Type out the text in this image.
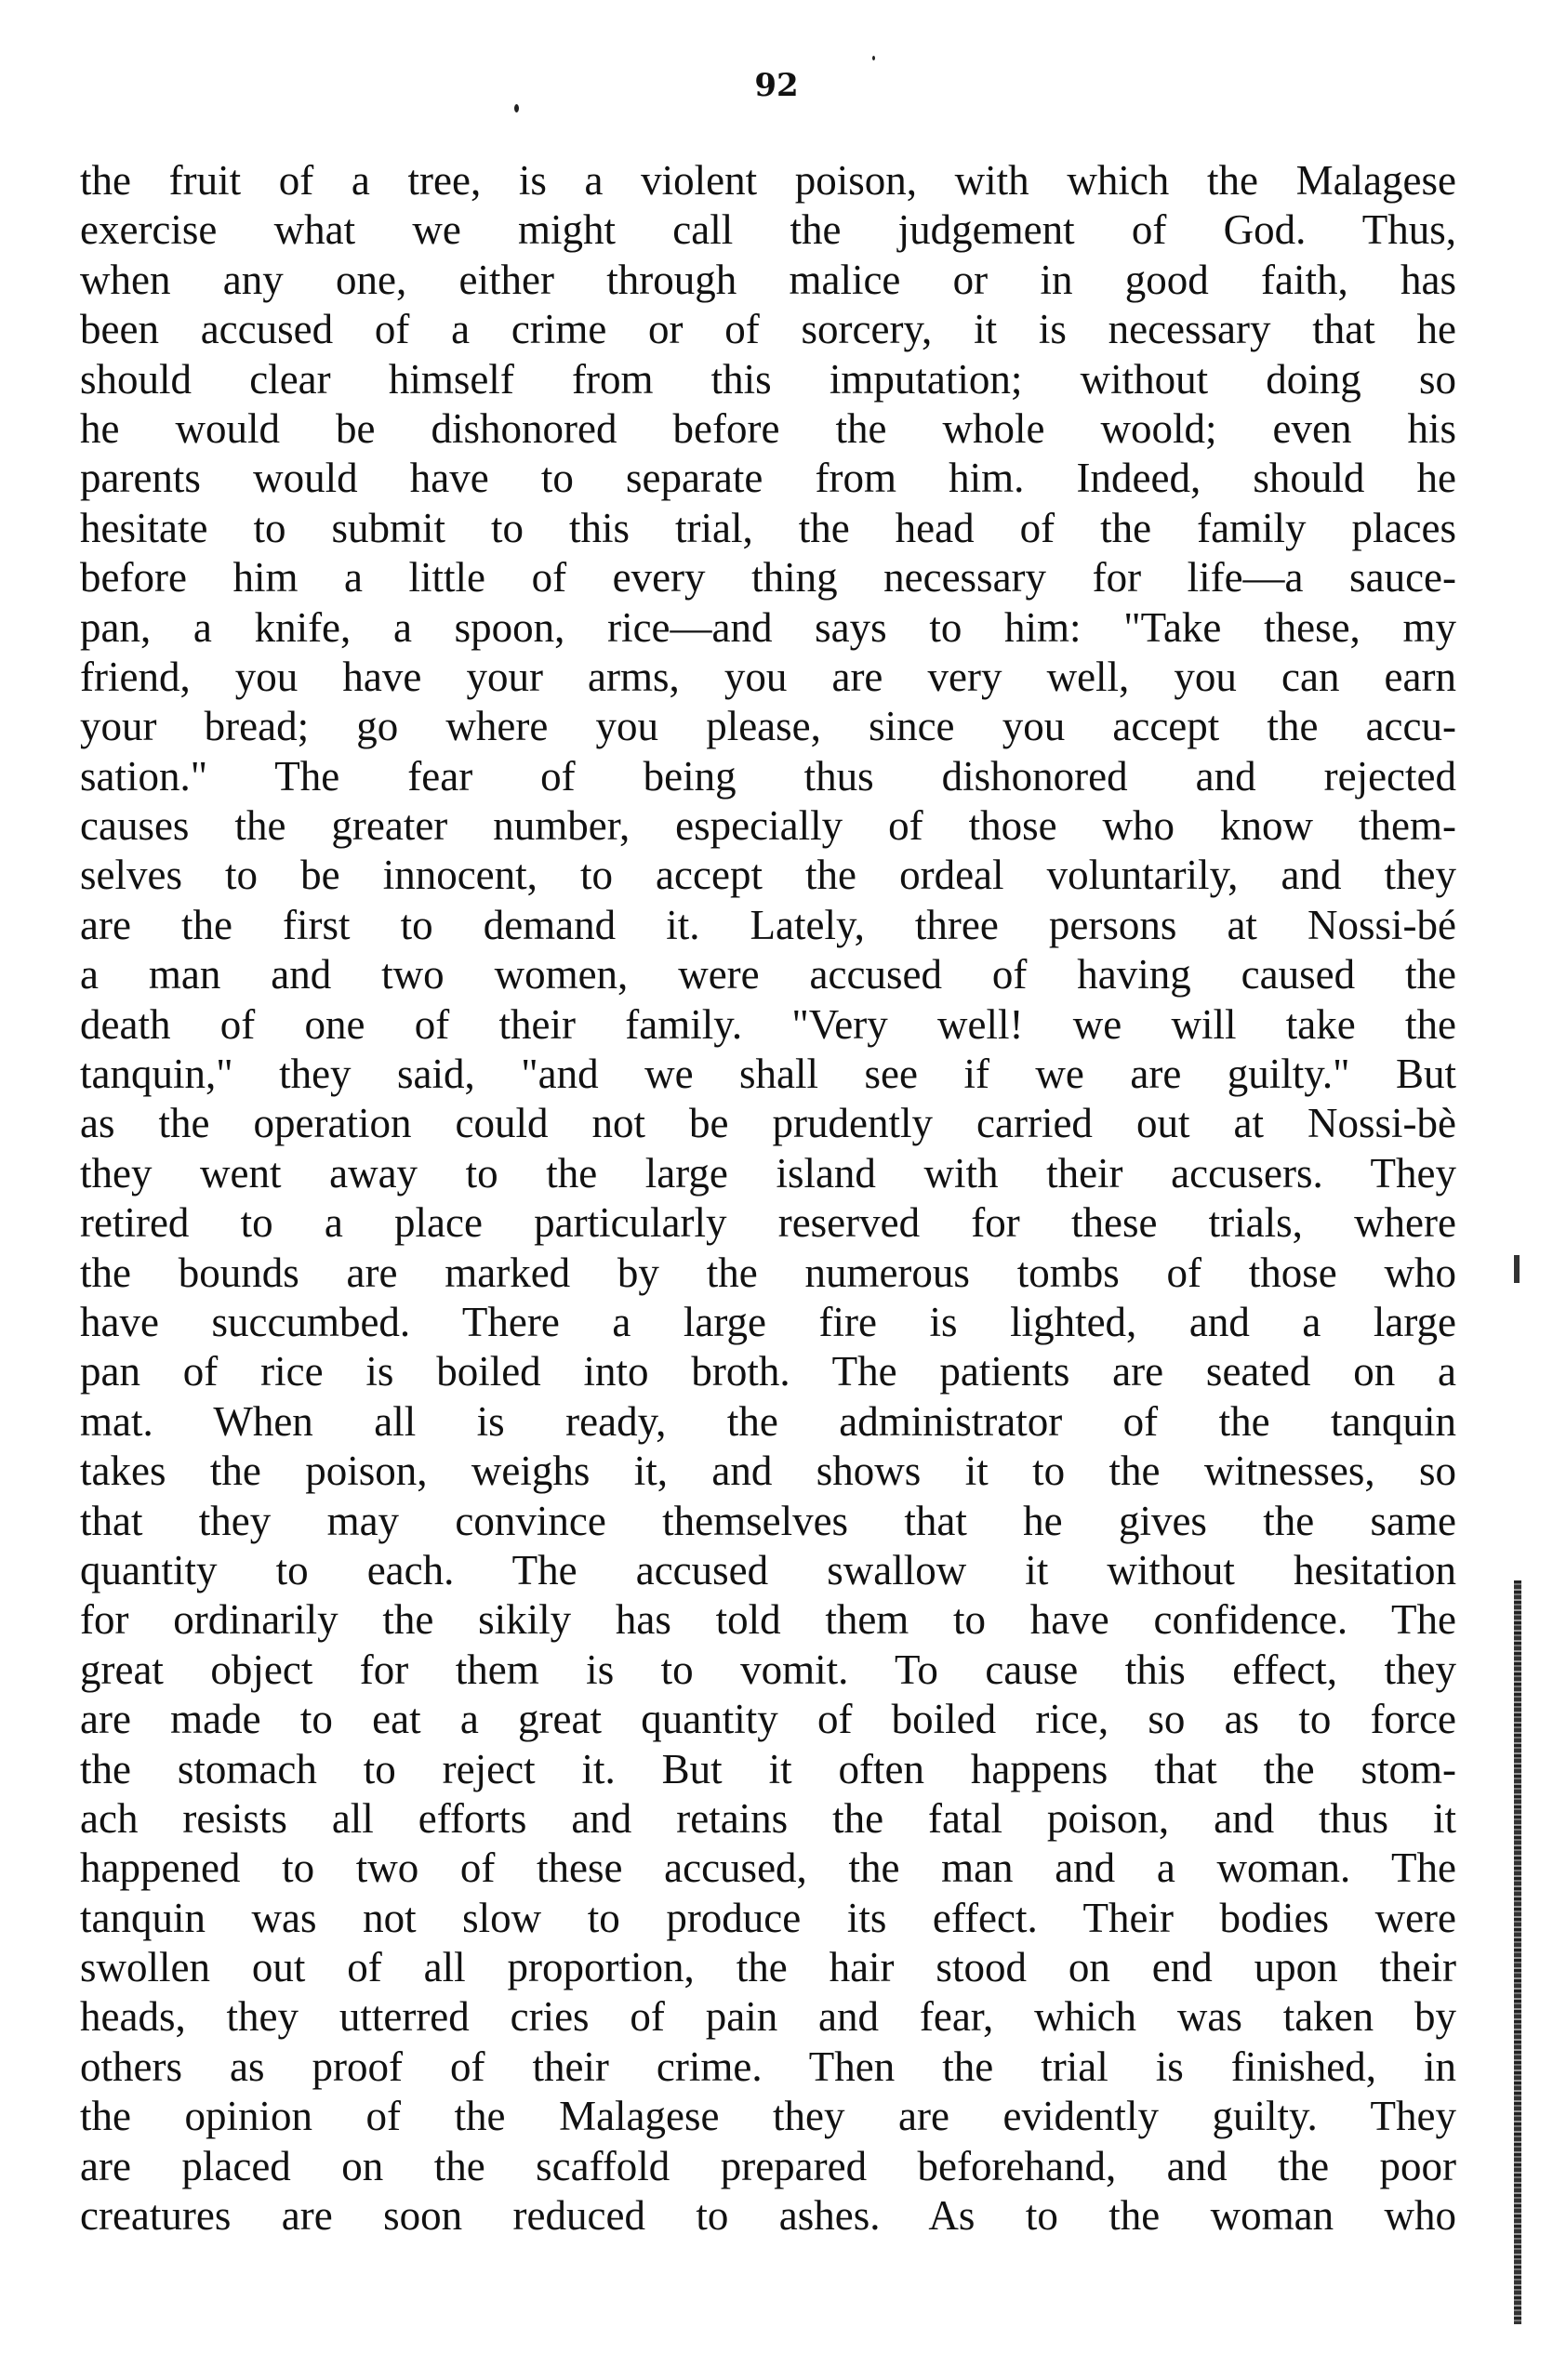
92
the fruit of a tree, is a violent poison, with which the Malagese
exercise what we might call the judgement of God. Thus,
when any one, either through malice or in good faith, has
been accused of a crime or of sorcery, it is necessary that he
should clear himself from this imputation; without doing so
he would be dishonored before the whole woold; even his
parents would have to separate from him. Indeed, should he
hesitate to submit to this trial, the head of the family places
before him a little of every thing necessary for life—a sauce-
pan, a knife, a spoon, rice—and says to him: "Take these, my
friend, you have your arms, you are very well, you can earn
your bread; go where you please, since you accept the accu-
sation." The fear of being thus dishonored and rejected
causes the greater number, especially of those who know them-
selves to be innocent, to accept the ordeal voluntarily, and they
are the first to demand it. Lately, three persons at Nossi-bé
a man and two women, were accused of having caused the
death of one of their family. "Very well! we will take the
tanquin," they said, "and we shall see if we are guilty." But
as the operation could not be prudently carried out at Nossi-bè
they went away to the large island with their accusers. They
retired to a place particularly reserved for these trials, where
the bounds are marked by the numerous tombs of those who
have succumbed. There a large fire is lighted, and a large
pan of rice is boiled into broth. The patients are seated on a
mat. When all is ready, the administrator of the tanquin
takes the poison, weighs it, and shows it to the witnesses, so
that they may convince themselves that he gives the same
quantity to each. The accused swallow it without hesitation
for ordinarily the sikily has told them to have confidence. The
great object for them is to vomit. To cause this effect, they
are made to eat a great quantity of boiled rice, so as to force
the stomach to reject it. But it often happens that the stom-
ach resists all efforts and retains the fatal poison, and thus it
happened to two of these accused, the man and a woman. The
tanquin was not slow to produce its effect. Their bodies were
swollen out of all proportion, the hair stood on end upon their
heads, they utterred cries of pain and fear, which was taken by
others as proof of their crime. Then the trial is finished, in
the opinion of the Malagese they are evidently guilty. They
are placed on the scaffold prepared beforehand, and the poor
creatures are soon reduced to ashes. As to the woman who
